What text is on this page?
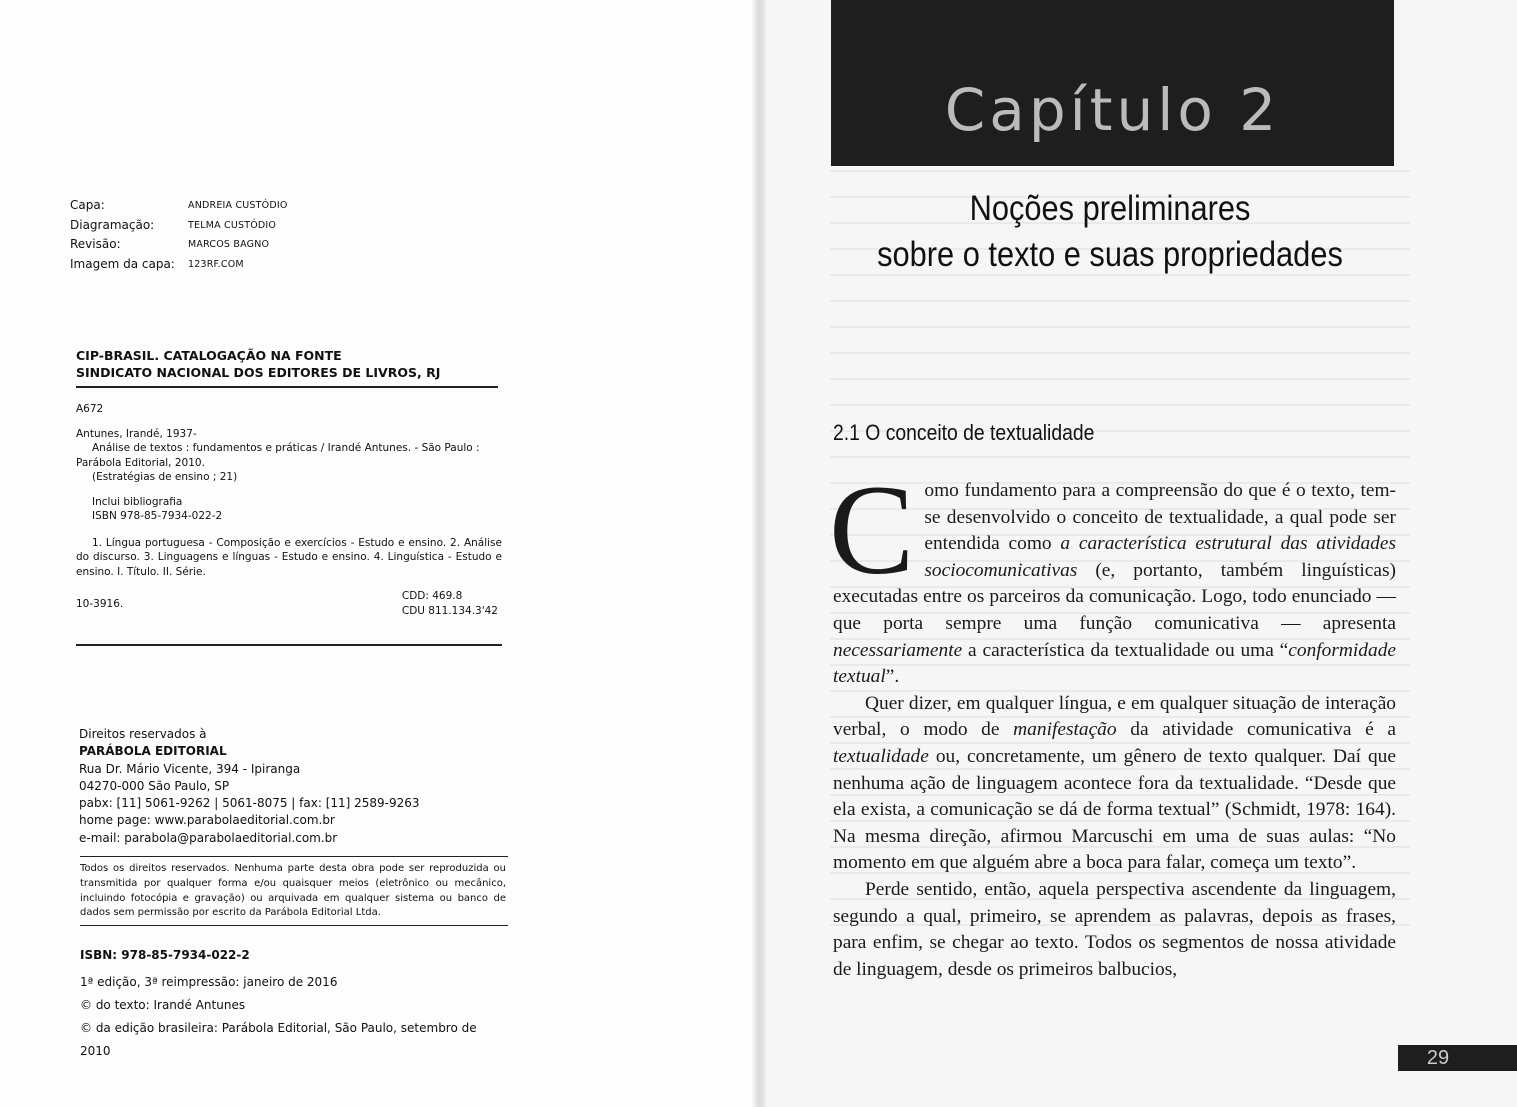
Capa:	ANDREIA CUSTÓDIO
Diagramação:	TELMA CUSTÓDIO
Revisão:	MARCOS BAGNO
Imagem da capa:	123RF.COM
CIP-BRASIL. CATALOGAÇÃO NA FONTE
SINDICATO NACIONAL DOS EDITORES DE LIVROS, RJ

A672

Antunes, Irandé, 1937-

Análise de textos : fundamentos e práticas / Irandé Antunes. - São Paulo :

Parábola Editorial, 2010.

(Estratégias de ensino ; 21)

Inclui bibliografia

ISBN 978-85-7934-022-2

1. Língua portuguesa - Composição e exercícios - Estudo e ensino. 2. Análise do discurso. 3. Linguagens e línguas - Estudo e ensino. 4. Linguística - Estudo e ensino. I. Título. II. Série.

10-3916.
CDD: 469.8
CDU 811.134.3'42
Direitos reservados à
PARÁBOLA EDITORIAL
Rua Dr. Mário Vicente, 394 - Ipiranga
04270-000 São Paulo, SP
pabx: [11] 5061-9262 | 5061-8075 | fax: [11] 2589-9263
home page: www.parabolaeditorial.com.br
e-mail: parabola@parabolaeditorial.com.br
Todos os direitos reservados. Nenhuma parte desta obra pode ser reproduzida ou transmitida por qualquer forma e/ou quaisquer meios (eletrônico ou mecânico, incluindo fotocópia e gravação) ou arquivada em qualquer sistema ou banco de dados sem permissão por escrito da Parábola Editorial Ltda.
ISBN: 978-85-7934-022-2
1ª edição, 3ª reimpressão: janeiro de 2016
© do texto: Irandé Antunes
© da edição brasileira: Parábola Editorial, São Paulo, setembro de 2010
Capítulo 2
Noções preliminares
sobre o texto e suas propriedades
2.1 O conceito de textualidade

Como fundamento para a compreensão do que é o texto, tem-se desenvolvido o conceito de textualidade, a qual pode ser entendida como a característica estrutural das atividades sociocomunicativas (e, portanto, também linguísticas) executadas entre os parceiros da comunicação. Logo, todo enunciado — que porta sempre uma função comunicativa — apresenta necessariamente a característica da textualidade ou uma “conformidade textual”.

Quer dizer, em qualquer língua, e em qualquer situação de interação verbal, o modo de manifestação da atividade comunicativa é a textualidade ou, concretamente, um gênero de texto qualquer. Daí que nenhuma ação de linguagem acontece fora da textualidade. “Desde que ela exista, a comunicação se dá de forma textual” (Schmidt, 1978: 164). Na mesma direção, afirmou Marcuschi em uma de suas aulas: “No momento em que alguém abre a boca para falar, começa um texto”.

Perde sentido, então, aquela perspectiva ascendente da linguagem, segundo a qual, primeiro, se aprendem as palavras, depois as frases, para enfim, se chegar ao texto. Todos os segmentos de nossa atividade de linguagem, desde os primeiros balbucios,

29
